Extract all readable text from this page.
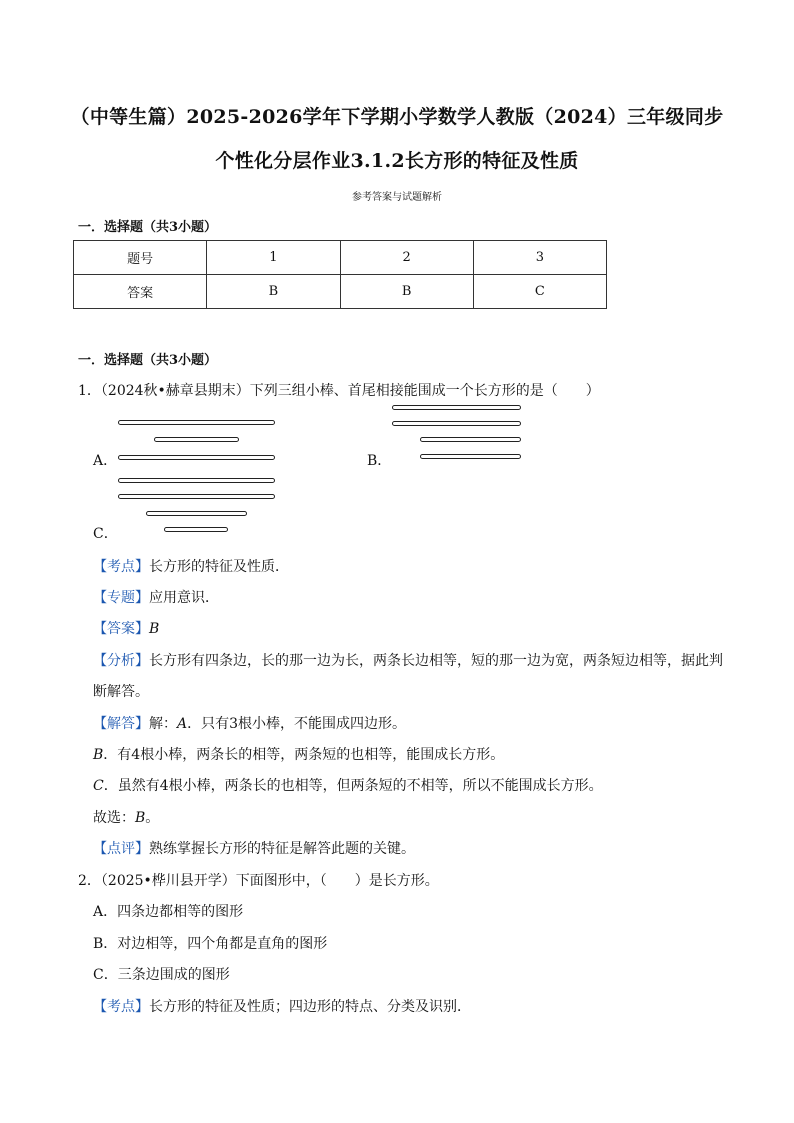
（中等生篇）2025-2026学年下学期小学数学人教版（2024）三年级同步
个性化分层作业3.1.2长方形的特征及性质
参考答案与试题解析
一．选择题（共3小题）
题号	1	2	3
答案	B	B	C
一．选择题（共3小题）
1．（2024秋•赫章县期末）下列三组小棒、首尾相接能围成一个长方形的是（　　）
A．	B．
C．
【考点】长方形的特征及性质．
【专题】应用意识．
【答案】B
【分析】长方形有四条边，长的那一边为长，两条长边相等，短的那一边为宽，两条短边相等，据此判
断解答。
【解答】解：A．只有3根小棒，不能围成四边形。
B．有4根小棒，两条长的相等，两条短的也相等，能围成长方形。
C．虽然有4根小棒，两条长的也相等，但两条短的不相等，所以不能围成长方形。
故选：B。
【点评】熟练掌握长方形的特征是解答此题的关键。
2．（2025•桦川县开学）下面图形中，（　　）是长方形。
A．四条边都相等的图形
B．对边相等，四个角都是直角的图形
C．三条边围成的图形
【考点】长方形的特征及性质；四边形的特点、分类及识别．
